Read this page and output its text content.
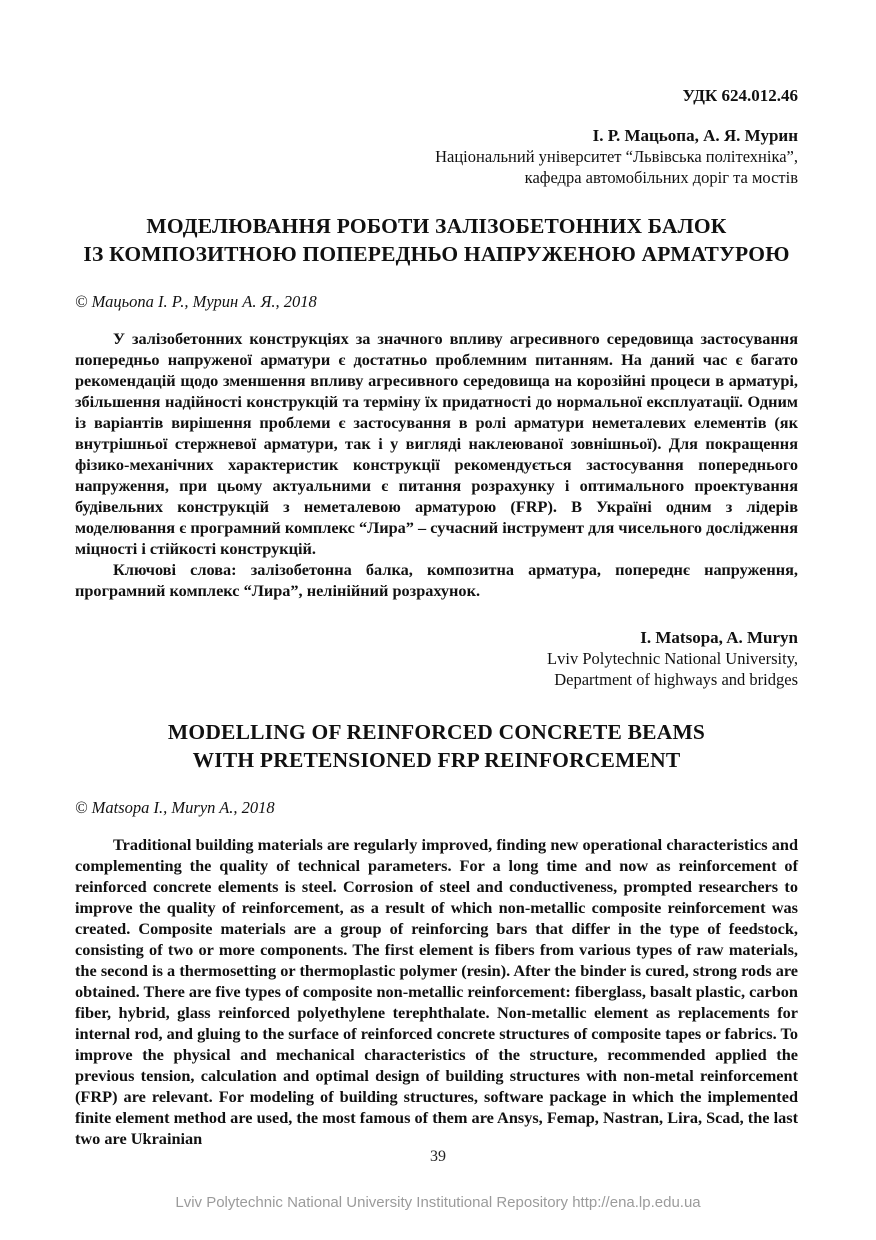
УДК 624.012.46
І. Р. Мацьопа, А. Я. Мурин
Національний університет “Львівська політехніка”,
кафедра автомобільних доріг та мостів
МОДЕЛЮВАННЯ РОБОТИ ЗАЛІЗОБЕТОННИХ БАЛОК
ІЗ КОМПОЗИТНОЮ ПОПЕРЕДНЬО НАПРУЖЕНОЮ АРМАТУРОЮ
© Мацьопа І. Р., Мурин А. Я., 2018

У залізобетонних конструкціях за значного впливу агресивного середовища застосування попередньо напруженої арматури є достатньо проблемним питанням. На даний час є багато рекомендацій щодо зменшення впливу агресивного середовища на корозійні процеси в арматурі, збільшення надійності конструкцій та терміну їх придатності до нормальної експлуатації. Одним із варіантів вирішення проблеми є застосування в ролі арматури неметалевих елементів (як внутрішньої стержневої арматури, так і у вигляді наклеюваної зовнішньої). Для покращення фізико-механічних характеристик конструкції рекомендується застосування попереднього напруження, при цьому актуальними є питання розрахунку і оптимального проектування будівельних конструкцій з неметалевою арматурою (FRP). В Україні одним з лідерів моделювання є програмний комплекс “Лира” – сучасний інструмент для чисельного дослідження міцності і стійкості конструкцій.

Ключові слова: залізобетонна балка, композитна арматура, попереднє напруження, програмний комплекс “Лира”, нелінійний розрахунок.

I. Matsopa, A. Muryn
Lviv Polytechnic National University,
Department of highways and bridges
MODELLING OF REINFORCED CONCRETE BEAMS
WITH PRETENSIONED FRP REINFORCEMENT
© Matsopa I., Muryn A., 2018

Traditional building materials are regularly improved, finding new operational characteristics and complementing the quality of technical parameters. For a long time and now as reinforcement of reinforced concrete elements is steel. Corrosion of steel and conductiveness, prompted researchers to improve the quality of reinforcement, as a result of which non-metallic composite reinforcement was created. Composite materials are a group of reinforcing bars that differ in the type of feedstock, consisting of two or more components. The first element is fibers from various types of raw materials, the second is a thermosetting or thermoplastic polymer (resin). After the binder is cured, strong rods are obtained. There are five types of composite non-metallic reinforcement: fiberglass, basalt plastic, carbon fiber, hybrid, glass reinforced polyethylene terephthalate. Non-metallic element as replacements for internal rod, and gluing to the surface of reinforced concrete structures of composite tapes or fabrics. To improve the physical and mechanical characteristics of the structure, recommended applied the previous tension, calculation and optimal design of building structures with non-metal reinforcement (FRP) are relevant. For modeling of building structures, software package in which the implemented finite element method are used, the most famous of them are Ansys, Femap, Nastran, Lira, Scad, the last two are Ukrainian

39
Lviv Polytechnic National University Institutional Repository http://ena.lp.edu.ua
